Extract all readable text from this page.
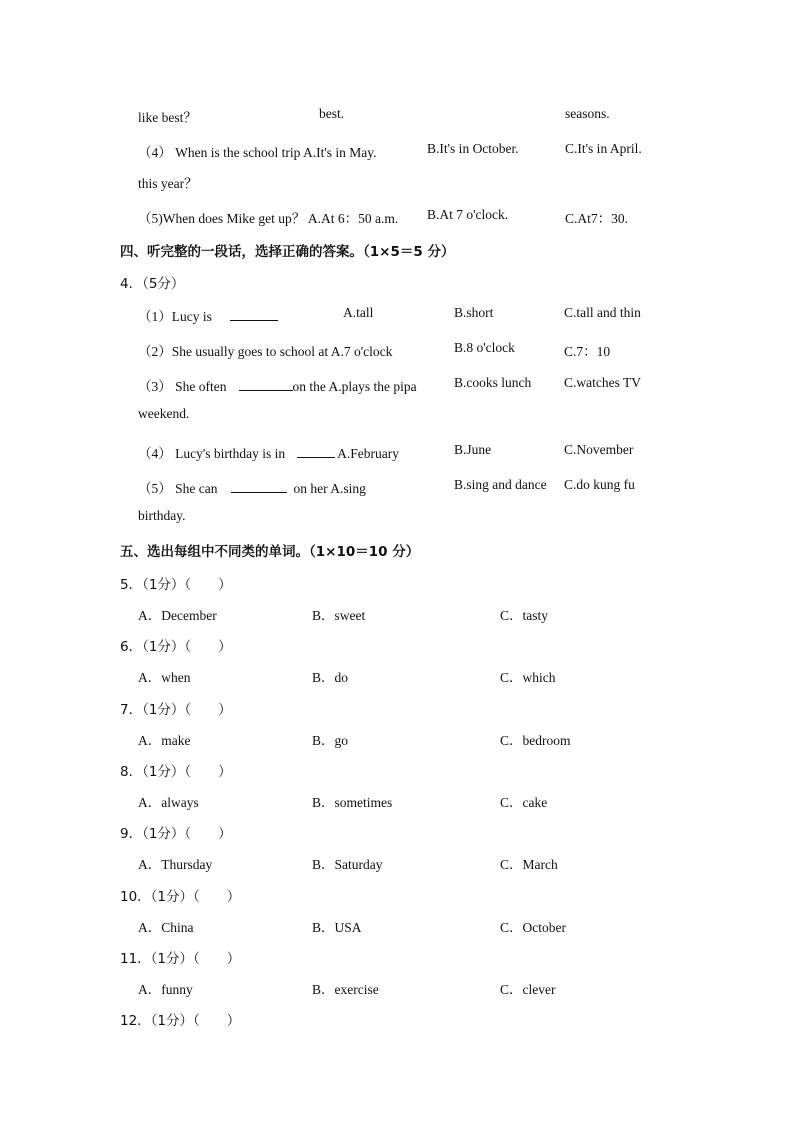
like best？	best.	seasons.
（4） When is the school trip A.It's in May.	B.It's in October.	C.It's in April.
this year？
（5)When does Mike get up？ A.At 6：50 a.m. B.At 7 o'clock.	C.At7：30.
四、听完整的一段话，选择正确的答案。（1×5＝5 分）
4．（5分）
（1）Lucy is	A.tall	B.short	C.tall and thin
（2）She usually goes to school at A.7 o'clock	B.8 o'clock	C.7：10
（3） She often	on the A.plays the pipa	B.cooks lunch C.watches TV
weekend.
（4） Lucy's birthday is in	A.February	B.June	C.November
（5） She can	on her A.sing	B.sing and dance C.do kung fu
birthday.
五、选出每组中不同类的单词。（1×10＝10 分）
5．（1分）（　　）
A．December	B．sweet	C．tasty
6．（1分）（　　）
A．when	B．do	C．which
7．（1分）（　　）
A．make	B．go	C．bedroom
8．（1分）（　　）
A．always	B．sometimes	C．cake
9．（1分）（　　）
A．Thursday	B．Saturday	C．March
10．（1分）（　　）
A．China	B．USA	C．October
11．（1分）（　　）
A．funny	B．exercise	C．clever
12．（1分）（　　）
